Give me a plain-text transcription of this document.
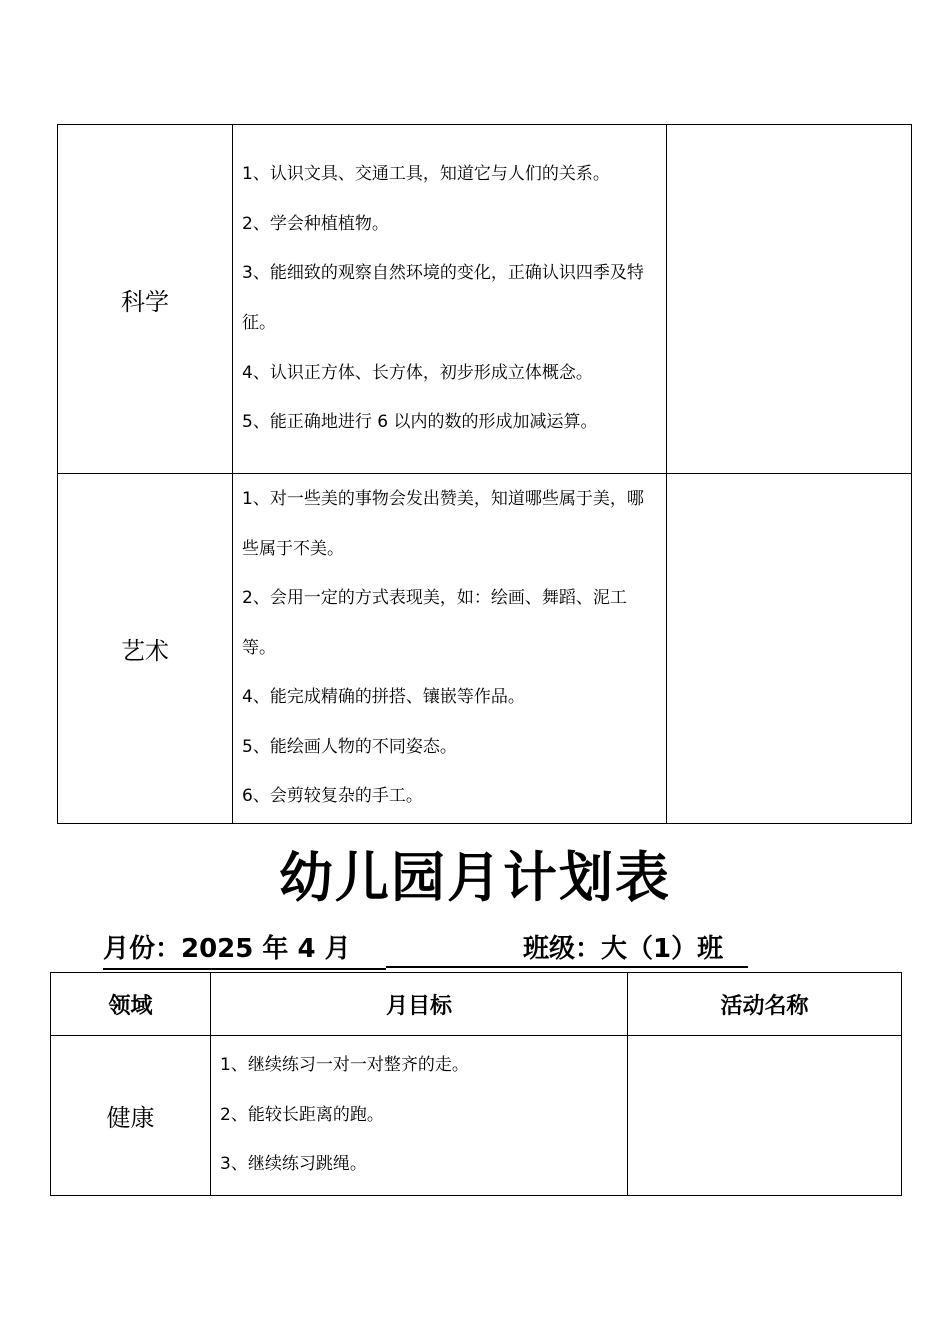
科学	1、认识文具、交通工具，知道它与人们的关系。

2、学会种植植物。

3、能细致的观察自然环境的变化，正确认识四季及特征。

4、认识正方体、长方体，初步形成立体概念。

5、能正确地进行 6 以内的数的形成加减运算。	

艺术	1、对一些美的事物会发出赞美，知道哪些属于美，哪些属于不美。

2、会用一定的方式表现美，如：绘画、舞蹈、泥工等。

4、能完成精确的拼搭、镶嵌等作品。

5、能绘画人物的不同姿态。

6、会剪较复杂的手工。	

幼儿园月计划表
月份：2025 年 4 月	班级：大（1）班
领域	月目标	活动名称
健康	1、继续练习一对一对整齐的走。

2、能较长距离的跑。

3、继续练习跳绳。	
